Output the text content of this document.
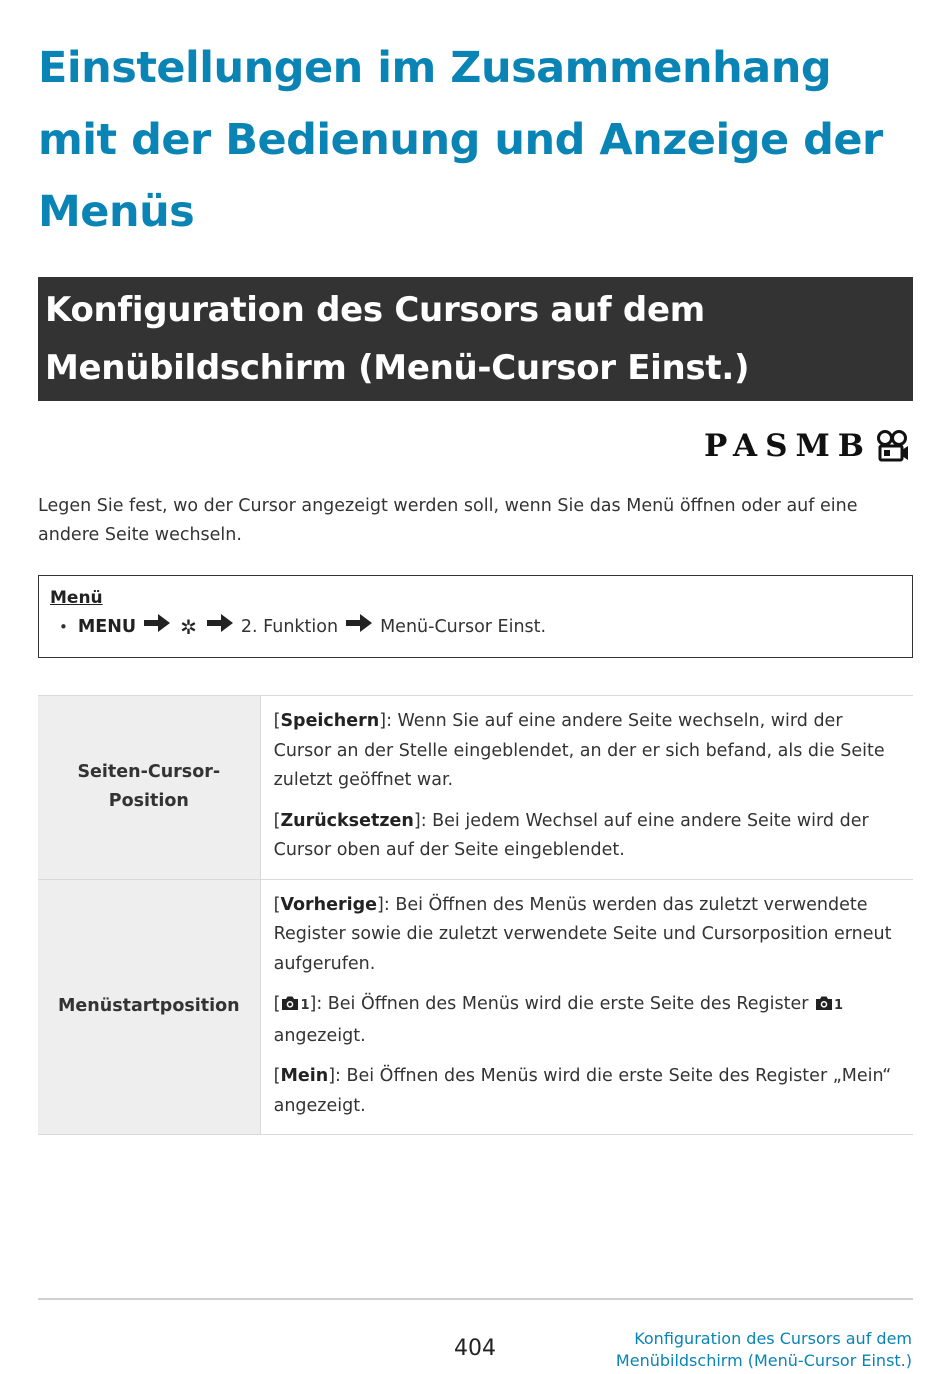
Einstellungen im Zusammenhang mit der Bedienung und Anzeige der Menüs
Konfiguration des Cursors auf dem Menübildschirm (Menü-Cursor Einst.)
PASMB

Legen Sie fest, wo der Cursor angezeigt werden soll, wenn Sie das Menü öffnen oder auf eine andere Seite wechseln.

Menü
• MENU ✲	2. Funktion Menü-Cursor Einst.
Seiten-Cursor-Position	[Speichern]: Wenn Sie auf eine andere Seite wechseln, wird der Cursor an der Stelle eingeblendet, an der er sich befand, als die Seite zuletzt geöffnet war.

[Zurücksetzen]: Bei jedem Wechsel auf eine andere Seite wird der Cursor oben auf der Seite eingeblendet.

Menüstartposition	[Vorherige]: Bei Öffnen des Menüs werden das zuletzt verwendete Register sowie die zuletzt verwendete Seite und Cursorposition erneut aufgerufen.

[ 1]: Bei Öffnen des Menüs wird die erste Seite des Register 1 angezeigt.

[Mein]: Bei Öffnen des Menüs wird die erste Seite des Register „Mein“ angezeigt.

404	Konfiguration des Cursors auf dem
Menübildschirm (Menü-Cursor Einst.)
